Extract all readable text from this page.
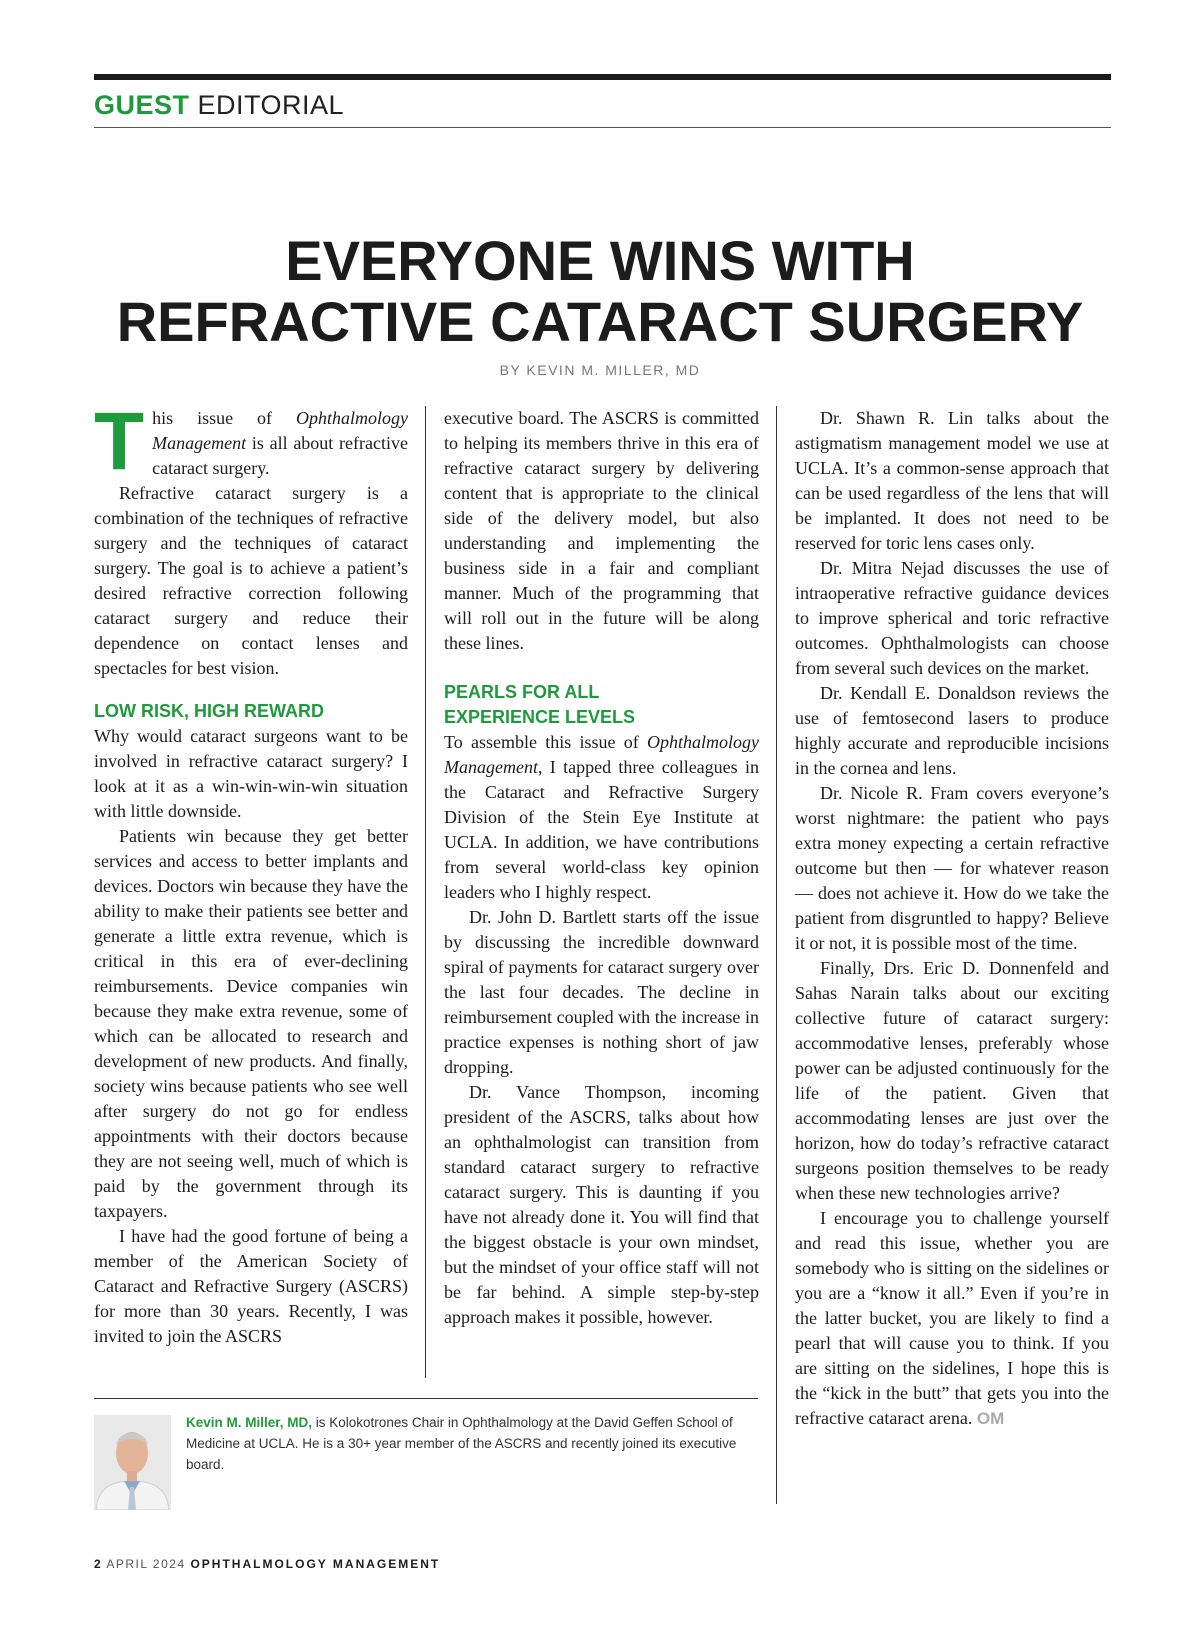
GUEST EDITORIAL
EVERYONE WINS WITH
REFRACTIVE CATARACT SURGERY
BY KEVIN M. MILLER, MD

This issue of Ophthalmology Management is all about refractive cataract surgery.

Refractive cataract surgery is a combination of the techniques of refractive surgery and the techniques of cataract surgery. The goal is to achieve a patient’s desired refractive correction following cataract surgery and reduce their dependence on contact lenses and spectacles for best vision.

LOW RISK, HIGH REWARD

Why would cataract surgeons want to be involved in refractive cataract surgery? I look at it as a win-win-win-win situation with little downside.

Patients win because they get better services and access to better implants and devices. Doctors win because they have the ability to make their patients see better and generate a little extra revenue, which is critical in this era of ever-declining reimbursements. Device companies win because they make extra revenue, some of which can be allocated to research and development of new products. And finally, society wins because patients who see well after surgery do not go for endless appointments with their doctors because they are not seeing well, much of which is paid by the government through its taxpayers.

I have had the good fortune of being a member of the American Society of Cataract and Refractive Surgery (ASCRS) for more than 30 years. Recently, I was invited to join the ASCRS

executive board. The ASCRS is committed to helping its members thrive in this era of refractive cataract surgery by delivering content that is appropriate to the clinical side of the delivery model, but also understanding and implementing the business side in a fair and compliant manner. Much of the programming that will roll out in the future will be along these lines.

PEARLS FOR ALL EXPERIENCE LEVELS

To assemble this issue of Ophthalmology Management, I tapped three colleagues in the Cataract and Refractive Surgery Division of the Stein Eye Institute at UCLA. In addition, we have contributions from several world-class key opinion leaders who I highly respect.

Dr. John D. Bartlett starts off the issue by discussing the incredible downward spiral of payments for cataract surgery over the last four decades. The decline in reimbursement coupled with the increase in practice expenses is nothing short of jaw dropping.

Dr. Vance Thompson, incoming president of the ASCRS, talks about how an ophthalmologist can transition from standard cataract surgery to refractive cataract surgery. This is daunting if you have not already done it. You will find that the biggest obstacle is your own mindset, but the mindset of your office staff will not be far behind. A simple step-by-step approach makes it possible, however.

Dr. Shawn R. Lin talks about the astigmatism management model we use at UCLA. It’s a common-sense approach that can be used regardless of the lens that will be implanted. It does not need to be reserved for toric lens cases only.

Dr. Mitra Nejad discusses the use of intraoperative refractive guidance devices to improve spherical and toric refractive outcomes. Ophthalmologists can choose from several such devices on the market.

Dr. Kendall E. Donaldson reviews the use of femtosecond lasers to produce highly accurate and reproducible incisions in the cornea and lens.

Dr. Nicole R. Fram covers everyone’s worst nightmare: the patient who pays extra money expecting a certain refractive outcome but then — for whatever reason — does not achieve it. How do we take the patient from disgruntled to happy? Believe it or not, it is possible most of the time.

Finally, Drs. Eric D. Donnenfeld and Sahas Narain talks about our exciting collective future of cataract surgery: accommodative lenses, preferably whose power can be adjusted continuously for the life of the patient. Given that accommodating lenses are just over the horizon, how do today’s refractive cataract surgeons position themselves to be ready when these new technologies arrive?

I encourage you to challenge yourself and read this issue, whether you are somebody who is sitting on the sidelines or you are a “know it all.” Even if you’re in the latter bucket, you are likely to find a pearl that will cause you to think. If you are sitting on the sidelines, I hope this is the “kick in the butt” that gets you into the refractive cataract arena. OM

Kevin M. Miller, MD, is Kolokotrones Chair in Ophthalmology at the David Geffen School of Medicine at UCLA. He is a 30+ year member of the ASCRS and recently joined its executive board.
2 APRIL 2024 OPHTHALMOLOGY MANAGEMENT
